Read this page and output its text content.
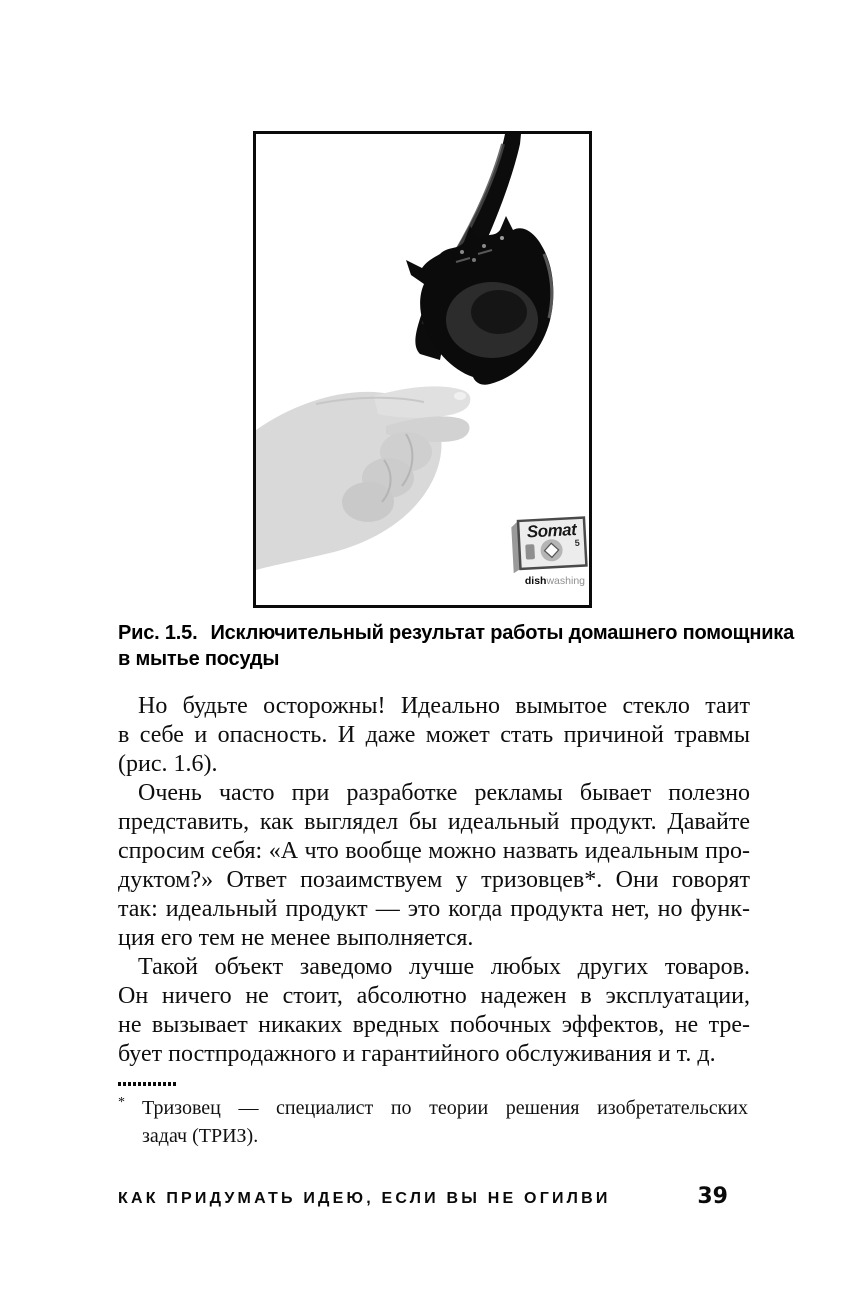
Somat
5
dishwashing
Рис. 1.5. Исключительный результат работы домашнего помощника
в мытье посуды
Но будьте осторожны! Идеально вымытое стекло таит
в себе и опасность. И даже может стать причиной травмы
(рис. 1.6).
Очень часто при разработке рекламы бывает полезно
представить, как выглядел бы идеальный продукт. Давайте
спросим себя: «А что вообще можно назвать идеальным про-
дуктом?» Ответ позаимствуем у тризовцев*. Они говорят
так: идеальный продукт — это когда продукта нет, но функ-
ция его тем не менее выполняется.
Такой объект заведомо лучше любых других товаров.
Он ничего не стоит, абсолютно надежен в эксплуатации,
не вызывает никаких вредных побочных эффектов, не тре-
бует постпродажного и гарантийного обслуживания и т. д.
* Тризовец — специалист по теории решения изобретательских
задач (ТРИЗ).
КАК ПРИДУМАТЬ ИДЕЮ, ЕСЛИ ВЫ НЕ ОГИЛВИ	39
